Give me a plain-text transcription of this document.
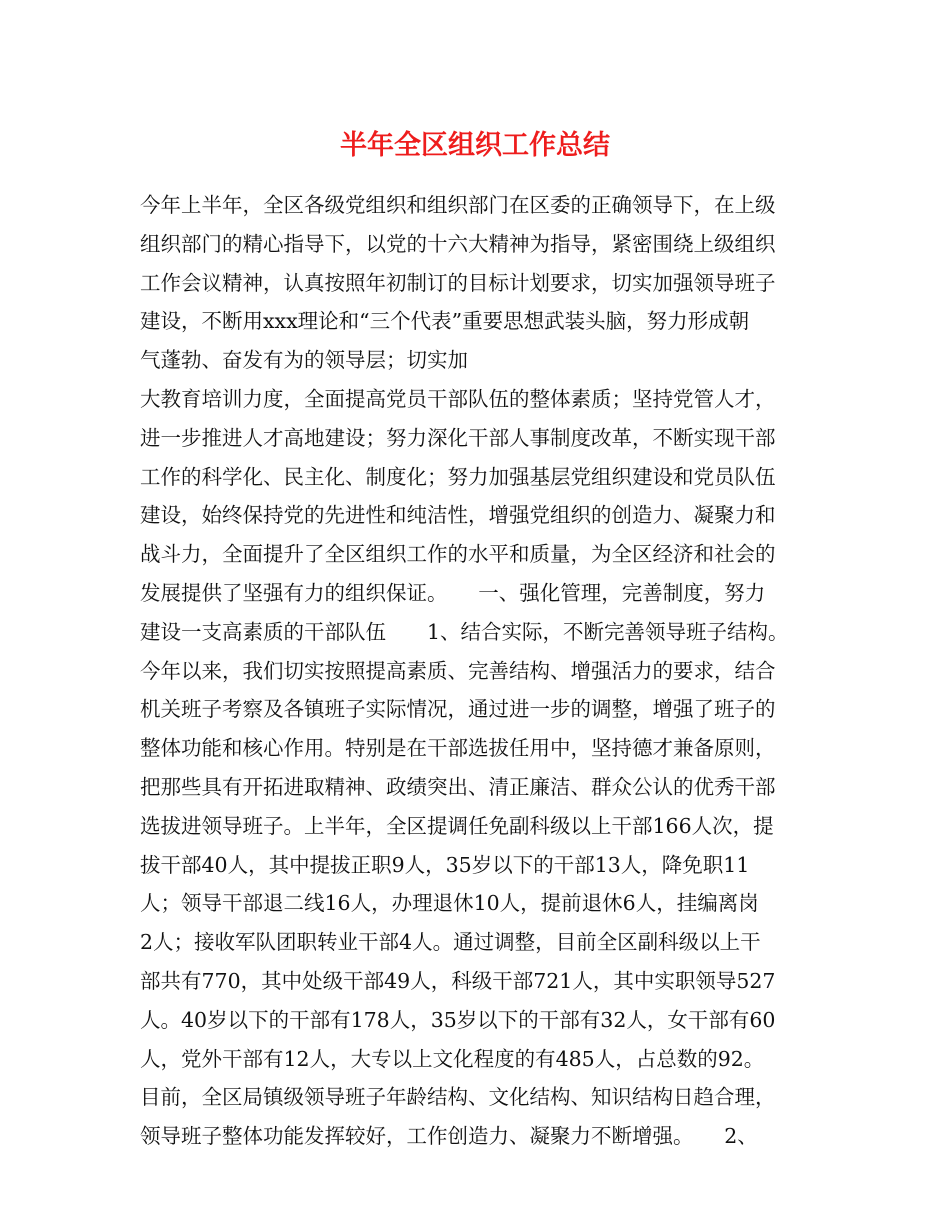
半年全区组织工作总结
今年上半年，全区各级党组织和组织部门在区委的正确领导下，在上级
组织部门的精心指导下，以党的十六大精神为指导，紧密围绕上级组织
工作会议精神，认真按照年初制订的目标计划要求，切实加强领导班子
建设，不断用xxx理论和“三个代表”重要思想武装头脑，努力形成朝
气蓬勃、奋发有为的领导层；切实加
大教育培训力度，全面提高党员干部队伍的整体素质；坚持党管人才，
进一步推进人才高地建设；努力深化干部人事制度改革，不断实现干部
工作的科学化、民主化、制度化；努力加强基层党组织建设和党员队伍
建设，始终保持党的先进性和纯洁性，增强党组织的创造力、凝聚力和
战斗力，全面提升了全区组织工作的水平和质量，为全区经济和社会的
发展提供了坚强有力的组织保证。　　一、强化管理，完善制度，努力
建设一支高素质的干部队伍　　1、结合实际，不断完善领导班子结构。
今年以来，我们切实按照提高素质、完善结构、增强活力的要求，结合
机关班子考察及各镇班子实际情况，通过进一步的调整，增强了班子的
整体功能和核心作用。特别是在干部选拔任用中，坚持德才兼备原则，
把那些具有开拓进取精神、政绩突出、清正廉洁、群众公认的优秀干部
选拔进领导班子。上半年，全区提调任免副科级以上干部166人次，提
拔干部40人，其中提拔正职9人，35岁以下的干部13人，降免职11
人；领导干部退二线16人，办理退休10人，提前退休6人，挂编离岗
2人；接收军队团职转业干部4人。通过调整，目前全区副科级以上干
部共有770，其中处级干部49人，科级干部721人，其中实职领导527
人。40岁以下的干部有178人，35岁以下的干部有32人，女干部有60
人，党外干部有12人，大专以上文化程度的有485人，占总数的92。
目前，全区局镇级领导班子年龄结构、文化结构、知识结构日趋合理，
领导班子整体功能发挥较好，工作创造力、凝聚力不断增强。　　2、
